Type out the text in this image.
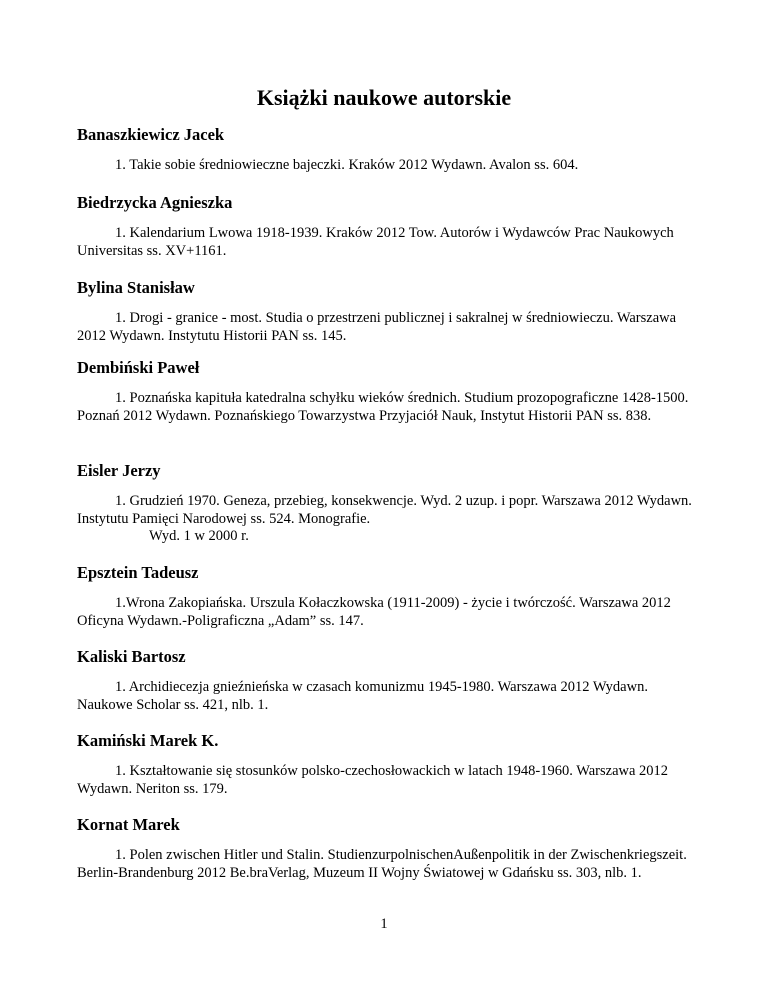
Książki naukowe autorskie

Banaszkiewicz Jacek

1. Takie sobie średniowieczne bajeczki. Kraków 2012 Wydawn. Avalon ss. 604.

Biedrzycka Agnieszka

1. Kalendarium Lwowa 1918-1939. Kraków 2012 Tow. Autorów i Wydawców Prac Naukowych Universitas ss. XV+1161.

Bylina Stanisław

1. Drogi - granice - most. Studia o przestrzeni publicznej i sakralnej w średniowieczu. Warszawa 2012 Wydawn. Instytutu Historii PAN ss. 145.

Dembiński Paweł

1. Poznańska kapituła katedralna schyłku wieków średnich. Studium prozopograficzne 1428-1500. Poznań 2012 Wydawn. Poznańskiego Towarzystwa Przyjaciół Nauk, Instytut Historii PAN ss. 838.

Eisler Jerzy

1. Grudzień 1970. Geneza, przebieg, konsekwencje. Wyd. 2 uzup. i popr. Warszawa 2012 Wydawn. Instytutu Pamięci Narodowej ss. 524. Monografie.

Wyd. 1 w 2000 r.

Epsztein Tadeusz

1.Wrona Zakopiańska. Urszula Kołaczkowska (1911-2009) - życie i twórczość. Warszawa 2012 Oficyna Wydawn.-Poligraficzna „Adam” ss. 147.

Kaliski Bartosz

1. Archidiecezja gnieźnieńska w czasach komunizmu 1945-1980. Warszawa 2012 Wydawn. Naukowe Scholar ss. 421, nlb. 1.

Kamiński Marek K.

1. Kształtowanie się stosunków polsko-czechosłowackich w latach 1948-1960. Warszawa 2012 Wydawn. Neriton ss. 179.

Kornat Marek

1. Polen zwischen Hitler und Stalin. StudienzurpolnischenAußenpolitik in der Zwischenkriegszeit. Berlin-Brandenburg 2012 Be.braVerlag, Muzeum II Wojny Światowej w Gdańsku ss. 303, nlb. 1.

1
